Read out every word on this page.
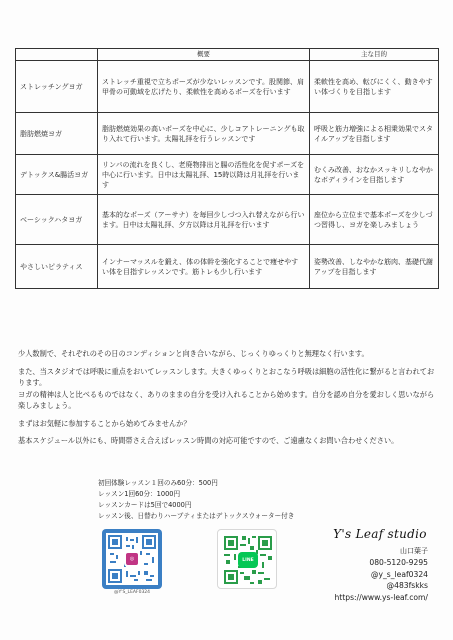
	概要	主な目的
ストレッチングヨガ	ストレッチ重視で立ちポーズが少ないレッスンです。股関節、肩甲骨の可動域を広げたり、柔軟性を高めるポーズを行います	柔軟性を高め、転びにくく、動きやすい体づくりを目指します
脂肪燃焼ヨガ	脂肪燃焼効果の高いポーズを中心に、少しコアトレーニングも取り入れて行います。太陽礼拝を行うレッスンです	呼吸と筋力増強による相乗効果でスタイルアップを目指します
デトックス&腸活ヨガ	リンパの流れを良くし、老廃物排出と腸の活性化を促すポーズを中心に行います。日中は太陽礼拝、15時以降は月礼拝を行います	むくみ改善、おなかスッキリしなやかなボディラインを目指します
ベーシックハタヨガ	基本的なポーズ（アーサナ）を毎回少しづつ入れ替えながら行います。日中は太陽礼拝、夕方以降は月礼拝を行います	座位から立位まで基本ポーズを少しづつ習得し、ヨガを楽しみましょう
やさしいピラティス	インナーマッスルを鍛え、体の体幹を強化することで痩せやすい体を目指すレッスンです。筋トレも少し行います	姿勢改善、しなやかな筋肉、基礎代謝アップを目指します

少人数制で、それぞれのその日のコンディションと向き合いながら、じっくりゆっくりと無理なく行います。

また、当スタジオでは呼吸に重点をおいてレッスンします。大きくゆっくりとおこなう呼吸は細胞の活性化に繋がると言われております。

ヨガの精神は人と比べるものではなく、ありのままの自分を受け入れることから始めます。自分を認め自分を愛おしく思いながら楽しみましょう。

まずはお気軽に参加することから始めてみませんか？

基本スケジュール以外にも、時間帯さえ合えばレッスン時間の対応可能ですので、ご遠慮なくお問い合わせください。

初回体験レッスン１回のみ60分：500円
レッスン1回60分：1000円
レッスンカードは5回で4000円
レッスン後、日替わりハーブティまたはデトックスウォーター付き
◎
@Y'S_LEAF0324
LINE
Y's Leaf studio
山口葉子
080-5120-9295
@y_s_leaf0324
@483fskks
https://www.ys-leaf.com/
